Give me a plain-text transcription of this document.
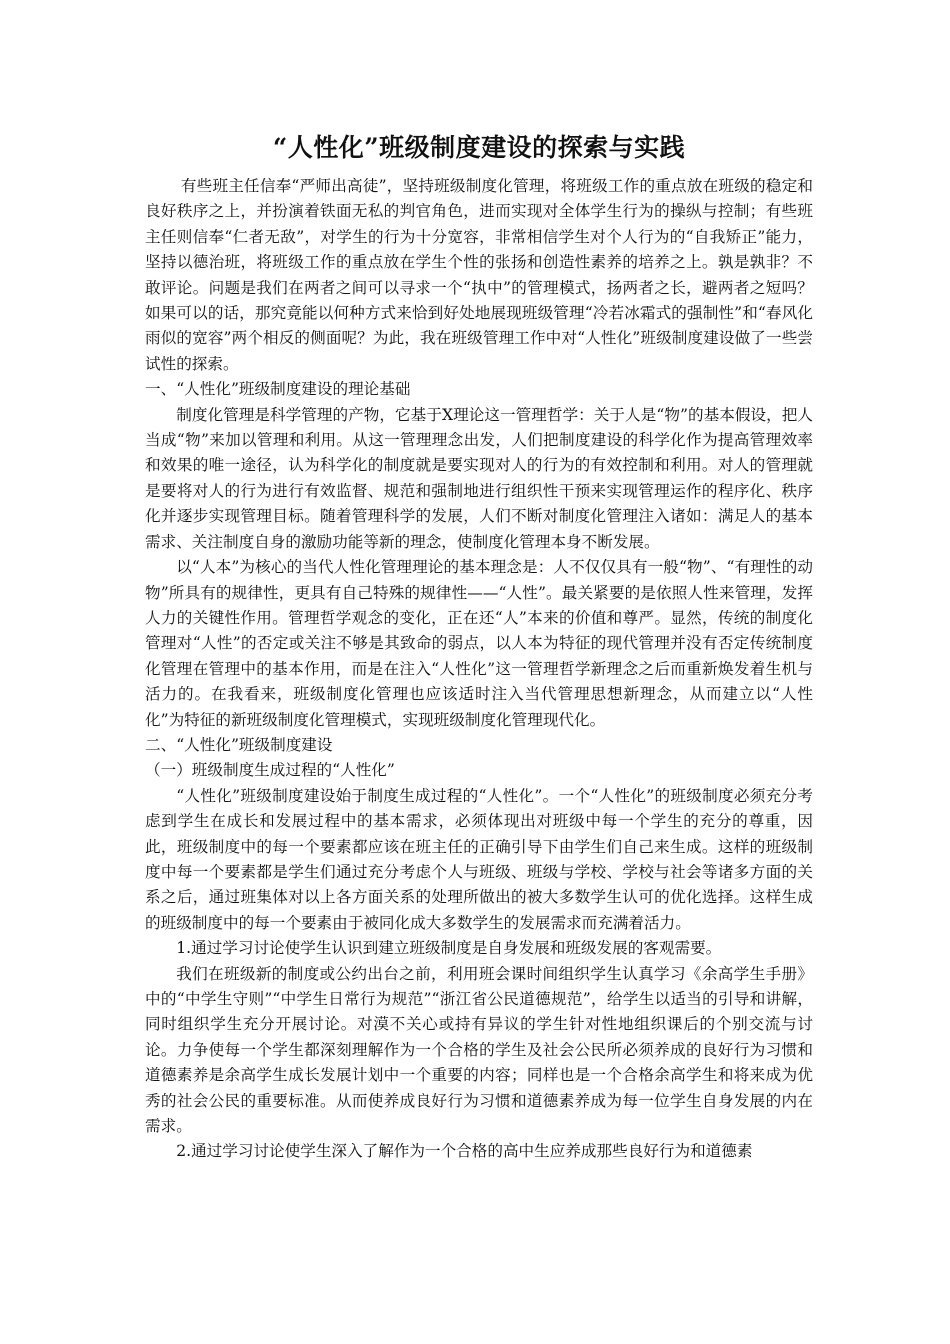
“人性化”班级制度建设的探索与实践

有些班主任信奉“严师出高徒”，坚持班级制度化管理，将班级工作的重点放在班级的稳定和良好秩序之上，并扮演着铁面无私的判官角色，进而实现对全体学生行为的操纵与控制；有些班主任则信奉“仁者无敌”，对学生的行为十分宽容，非常相信学生对个人行为的“自我矫正”能力，坚持以德治班，将班级工作的重点放在学生个性的张扬和创造性素养的培养之上。孰是孰非？不敢评论。问题是我们在两者之间可以寻求一个“执中”的管理模式，扬两者之长，避两者之短吗？如果可以的话，那究竟能以何种方式来恰到好处地展现班级管理“冷若冰霜式的强制性”和“春风化雨似的宽容”两个相反的侧面呢？为此，我在班级管理工作中对“人性化”班级制度建设做了一些尝试性的探索。

一、“人性化”班级制度建设的理论基础

制度化管理是科学管理的产物，它基于X理论这一管理哲学：关于人是“物”的基本假设，把人当成“物”来加以管理和利用。从这一管理理念出发，人们把制度建设的科学化作为提高管理效率和效果的唯一途径，认为科学化的制度就是要实现对人的行为的有效控制和利用。对人的管理就是要将对人的行为进行有效监督、规范和强制地进行组织性干预来实现管理运作的程序化、秩序化并逐步实现管理目标。随着管理科学的发展，人们不断对制度化管理注入诸如：满足人的基本需求、关注制度自身的激励功能等新的理念，使制度化管理本身不断发展。

以“人本”为核心的当代人性化管理理论的基本理念是：人不仅仅具有一般“物”、“有理性的动物”所具有的规律性，更具有自己特殊的规律性——“人性”。最关紧要的是依照人性来管理，发挥人力的关键性作用。管理哲学观念的变化，正在还“人”本来的价值和尊严。显然，传统的制度化管理对“人性”的否定或关注不够是其致命的弱点，以人本为特征的现代管理并没有否定传统制度化管理在管理中的基本作用，而是在注入“人性化”这一管理哲学新理念之后而重新焕发着生机与活力的。在我看来，班级制度化管理也应该适时注入当代管理思想新理念，从而建立以“人性化”为特征的新班级制度化管理模式，实现班级制度化管理现代化。

二、“人性化”班级制度建设

（一）班级制度生成过程的“人性化”

“人性化”班级制度建设始于制度生成过程的“人性化”。一个“人性化”的班级制度必须充分考虑到学生在成长和发展过程中的基本需求，必须体现出对班级中每一个学生的充分的尊重，因此，班级制度中的每一个要素都应该在班主任的正确引导下由学生们自己来生成。这样的班级制度中每一个要素都是学生们通过充分考虑个人与班级、班级与学校、学校与社会等诸多方面的关系之后，通过班集体对以上各方面关系的处理所做出的被大多数学生认可的优化选择。这样生成的班级制度中的每一个要素由于被同化成大多数学生的发展需求而充满着活力。

1.通过学习讨论使学生认识到建立班级制度是自身发展和班级发展的客观需要。

我们在班级新的制度或公约出台之前，利用班会课时间组织学生认真学习《余高学生手册》中的“中学生守则”“中学生日常行为规范”“浙江省公民道德规范”，给学生以适当的引导和讲解，同时组织学生充分开展讨论。对漠不关心或持有异议的学生针对性地组织课后的个别交流与讨论。力争使每一个学生都深刻理解作为一个合格的学生及社会公民所必须养成的良好行为习惯和道德素养是余高学生成长发展计划中一个重要的内容；同样也是一个合格余高学生和将来成为优秀的社会公民的重要标准。从而使养成良好行为习惯和道德素养成为每一位学生自身发展的内在需求。

2.通过学习讨论使学生深入了解作为一个合格的高中生应养成那些良好行为和道德素
